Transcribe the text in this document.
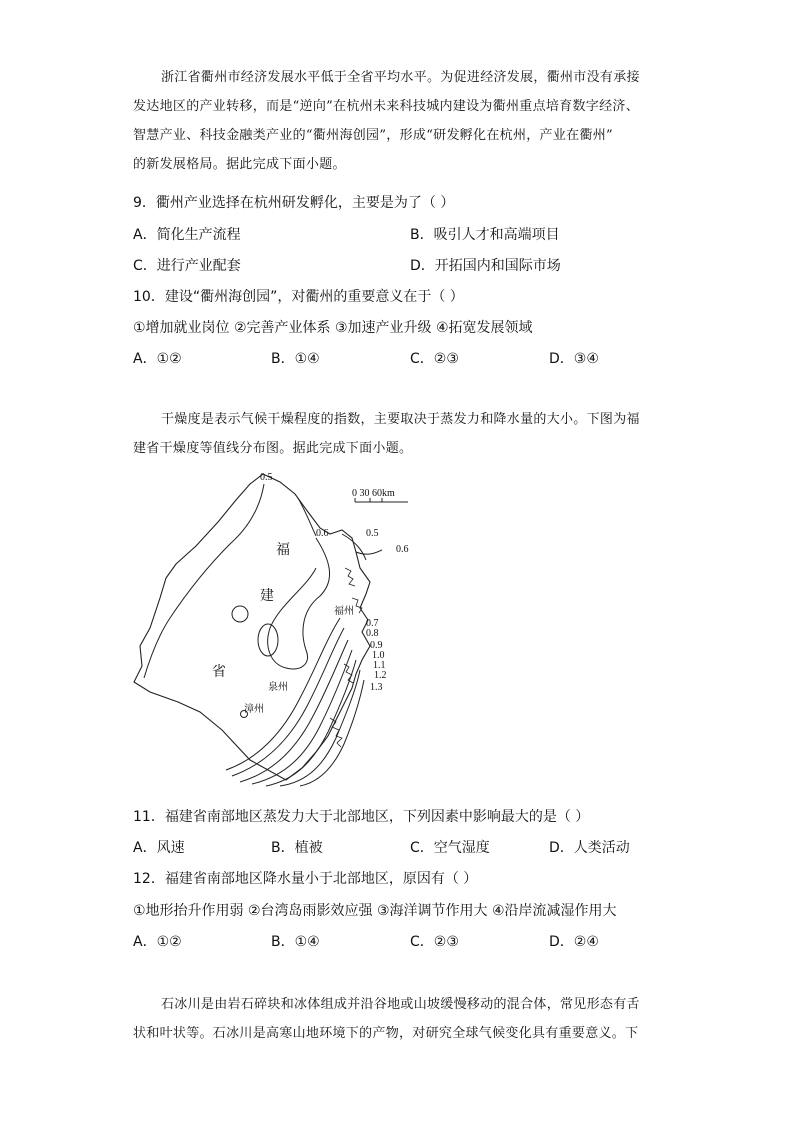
浙江省衢州市经济发展水平低于全省平均水平。为促进经济发展，衢州市没有承接
发达地区的产业转移，而是“逆向”在杭州未来科技城内建设为衢州重点培育数字经济、
智慧产业、科技金融类产业的“衢州海创园”，形成“研发孵化在杭州，产业在衢州”
的新发展格局。据此完成下面小题。
9．衢州产业选择在杭州研发孵化，主要是为了（ ）
A．简化生产流程	B．吸引人才和高端项目
C．进行产业配套	D．开拓国内和国际市场
10．建设“衢州海创园”，对衢州的重要意义在于（ ）
①增加就业岗位 ②完善产业体系 ③加速产业升级 ④拓宽发展领域
A．①②	B．①④	C．②③	D．③④
干燥度是表示气候干燥程度的指数，主要取决于蒸发力和降水量的大小。下图为福
建省干燥度等值线分布图。据此完成下面小题。
0 30 60km
福
建
省
福州
泉州
漳州
0.5
0.6	0.5
0.6
0.7
0.8
0.9
1.0
1.1
1.2
1.3
11．福建省南部地区蒸发力大于北部地区，下列因素中影响最大的是（ ）
A．风速	B．植被	C．空气湿度	D．人类活动
12．福建省南部地区降水量小于北部地区，原因有（ ）
①地形抬升作用弱 ②台湾岛雨影效应强 ③海洋调节作用大 ④沿岸流减湿作用大
A．①②	B．①④	C．②③	D．②④
石冰川是由岩石碎块和冰体组成并沿谷地或山坡缓慢移动的混合体，常见形态有舌
状和叶状等。石冰川是高寒山地环境下的产物，对研究全球气候变化具有重要意义。下
